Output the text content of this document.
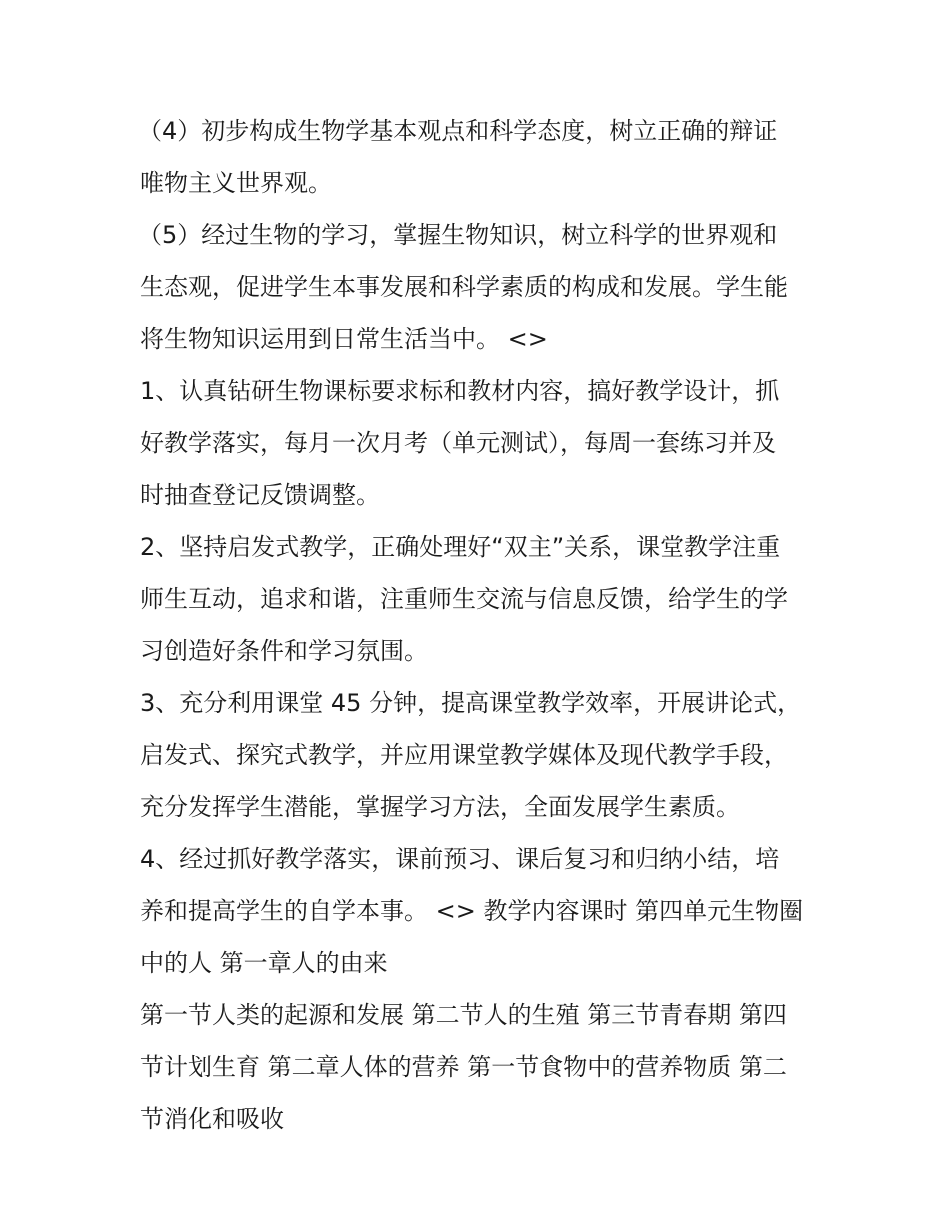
（4）初步构成生物学基本观点和科学态度，树立正确的辩证
唯物主义世界观。
（5）经过生物的学习，掌握生物知识，树立科学的世界观和
生态观，促进学生本事发展和科学素质的构成和发展。学生能
将生物知识运用到日常生活当中。 <>
1、认真钻研生物课标要求标和教材内容，搞好教学设计，抓
好教学落实，每月一次月考（单元测试），每周一套练习并及
时抽查登记反馈调整。
2、坚持启发式教学，正确处理好“双主”关系，课堂教学注重
师生互动，追求和谐，注重师生交流与信息反馈，给学生的学
习创造好条件和学习氛围。
3、充分利用课堂 45 分钟，提高课堂教学效率，开展讲论式，
启发式、探究式教学，并应用课堂教学媒体及现代教学手段，
充分发挥学生潜能，掌握学习方法，全面发展学生素质。
4、经过抓好教学落实，课前预习、课后复习和归纳小结，培
养和提高学生的自学本事。 <> 教学内容课时 第四单元生物圈
中的人 第一章人的由来
第一节人类的起源和发展 第二节人的生殖 第三节青春期 第四
节计划生育 第二章人体的营养 第一节食物中的营养物质 第二
节消化和吸收
